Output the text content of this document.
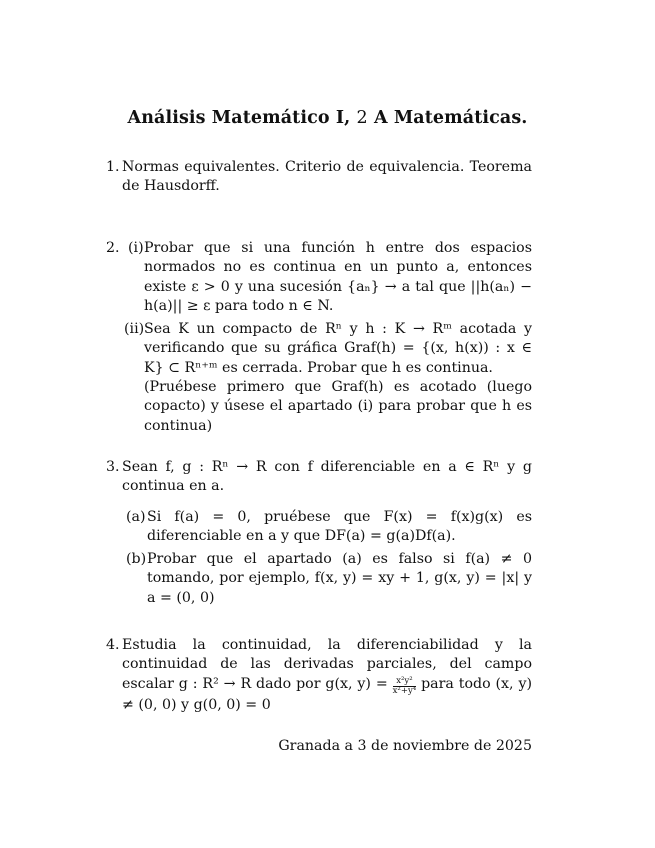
Análisis Matemático I, 2 A Matemáticas.
1. Normas equivalentes. Criterio de equivalencia. Teorema de Hausdorff.
2. (i) Probar que si una función h entre dos espacios normados no es continua en un punto a, entonces existe ε > 0 y una sucesión {aₙ} → a tal que ||h(aₙ) − h(a)|| ≥ ε para todo n ∈ N.
(ii) Sea K un compacto de Rⁿ y h : K → Rᵐ acotada y verificando que su gráfica Graf(h) = {(x, h(x)) : x ∈ K} ⊂ Rⁿ⁺ᵐ es cerrada. Probar que h es continua.
(Pruébese primero que Graf(h) es acotado (luego copacto) y úsese el apartado (i) para probar que h es continua)
3. Sean f, g : Rⁿ → R con f diferenciable en a ∈ Rⁿ y g continua en a.
(a) Si f(a) = 0, pruébese que F(x) = f(x)g(x) es diferenciable en a y que DF(a) = g(a)Df(a).
(b) Probar que el apartado (a) es falso si f(a) ≠ 0 tomando, por ejemplo, f(x, y) = xy + 1, g(x, y) = |x| y a = (0, 0)
4. Estudia la continuidad, la diferenciabilidad y la continuidad de las derivadas parciales, del campo escalar g : R² → R dado por g(x, $y) = \frac{\text{x²y²}}{\text{x²+y⁴}}$ para todo (x, y) ≠ (0, 0) y g(0, 0) = 0
Granada a 3 de noviembre de 2025
